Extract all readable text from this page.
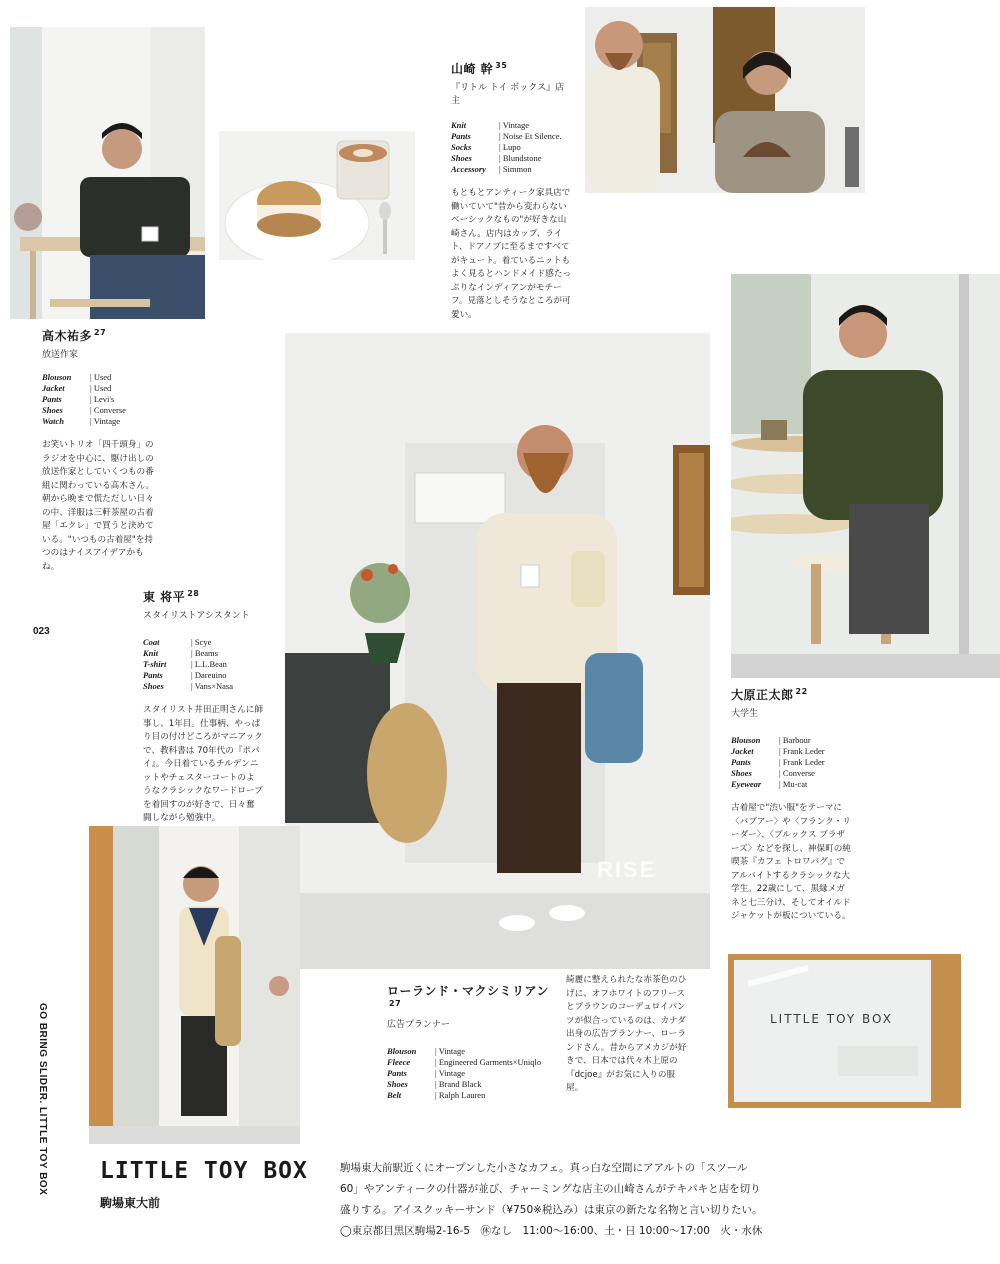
RISE
LITTLE TOY BOX
高木祐多 $^{27}$
放送作家
Blouson	| Used
Jacket	| Used
Pants	| Levi's
Shoes	| Converse
Watch	| Vintage
お笑いトリオ「四千頭身」のラジオを中心に、駆け出しの放送作家としていくつもの番組に関わっている高木さん。朝から晩まで慌ただしい日々の中、洋服は三軒茶屋の古着屋「エクレ」で買うと決めている。"いつもの古着屋"を持つのはナイスアイデアかもね。
山崎 幹 $^{35}$
『リトル トイ ボックス』店主
Knit	| Vintage
Pants	| Noise Et Silence.
Socks	| Lupo
Shoes	| Blundstone
Accessory	| Simmon
もともとアンティーク家具店で働いていて"昔から変わらないベーシックなもの"が好きな山崎さん。店内はカップ、ライト、ドアノブに至るまですべてがキュート。着ているニットもよく見るとハンドメイド感たっぷりなインディアンがモチーフ。見落としそうなところが可愛い。
東 将平 $^{28}$
スタイリストアシスタント
Coat	| Scye
Knit	| Beams
T-shirt	| L.L.Bean
Pants	| Dareuino
Shoes	| Vans×Nasa
スタイリスト井田正明さんに師事し、1年目。仕事柄、やっぱり目の付けどころがマニアックで、教科書は 70年代の『ポパイ』。今日着ているチルデンニットやチェスターコートのようなクラシックなワードローブを着回すのが好きで、日々奮闘しながら勉強中。
大原正太郎 $^{22}$
大学生
Blouson	| Barbour
Jacket	| Frank Leder
Pants	| Frank Leder
Shoes	| Converse
Eyewear	| Mu-cat
古着屋で"渋い服"をテーマに〈バブアー〉や〈フランク・リーダー〉、〈ブルックス ブラザーズ〉などを探し、神保町の純喫茶『カフェ トロワバグ』でアルバイトするクラシックな大学生。22歳にして、黒縁メガネと七三分け、そしてオイルドジャケットが板についている。
ローランド・マクシミリアン$^{27}$
広告プランナー
Blouson	| Vintage
Fleece	| Engineered Garments×Uniqlo
Pants	| Vintage
Shoes	| Brand Black
Belt	| Ralph Lauren
綺麗に整えられたな赤茶色のひげに、オフホワイトのフリースとブラウンのコーデュロイパンツが似合っているのは、カナダ出身の広告プランナー、ローランドさん。昔からアメカジが好きで、日本では代々木上原の『dcjoe』がお気に入りの服屋。
023
GO BRING SLIDER. LITTLE TOY BOX LITTLE TOY BOX
駒場東大前
駒場東大前駅近くにオープンした小さなカフェ。真っ白な空間にアアルトの「スツール 60」やアンティークの什器が並び、チャーミングな店主の山崎さんがテキパキと店を切り盛りする。アイスクッキーサンド（¥750※税込み）は東京の新たな名物と言い切りたい。◯東京都目黒区駒場2-16-5　㊡なし　11:00〜16:00、土・日 10:00〜17:00　火・水休
